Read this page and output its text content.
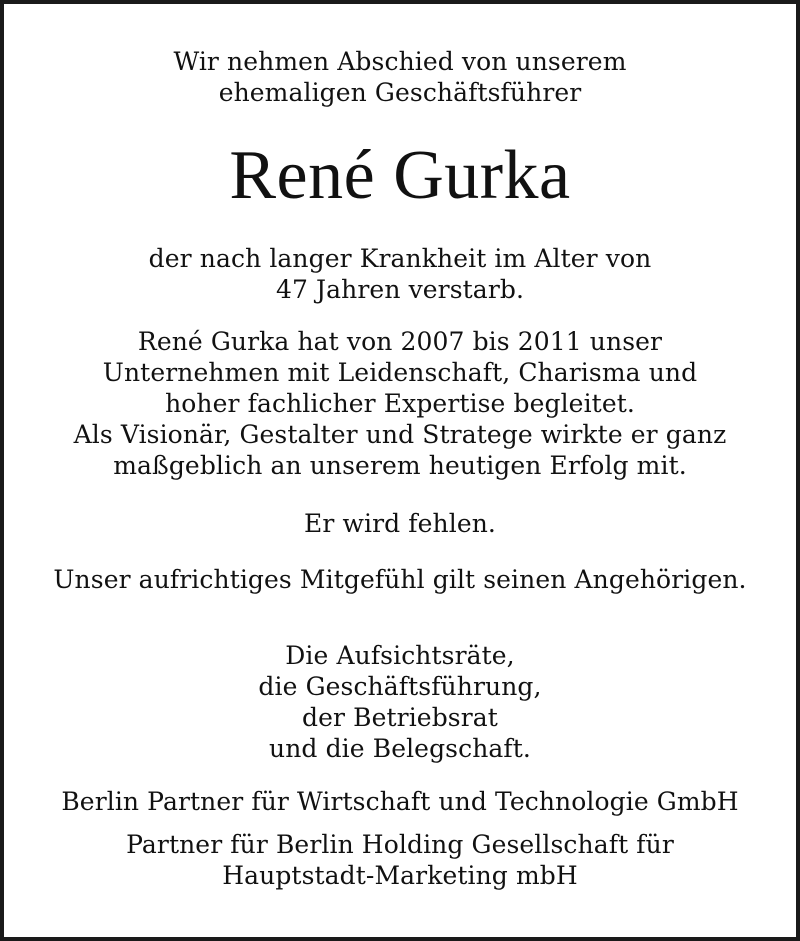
Wir nehmen Abschied von unserem
ehemaligen Geschäftsführer

René Gurka

der nach langer Krankheit im Alter von
47 Jahren verstarb.

René Gurka hat von 2007 bis 2011 unser
Unternehmen mit Leidenschaft, Charisma und
hoher fachlicher Expertise begleitet.
Als Visionär, Gestalter und Stratege wirkte er ganz
maßgeblich an unserem heutigen Erfolg mit.

Er wird fehlen.

Unser aufrichtiges Mitgefühl gilt seinen Angehörigen.

Die Aufsichtsräte,
die Geschäftsführung,
der Betriebsrat
und die Belegschaft.

Berlin Partner für Wirtschaft und Technologie GmbH

Partner für Berlin Holding Gesellschaft für
Hauptstadt-Marketing mbH
